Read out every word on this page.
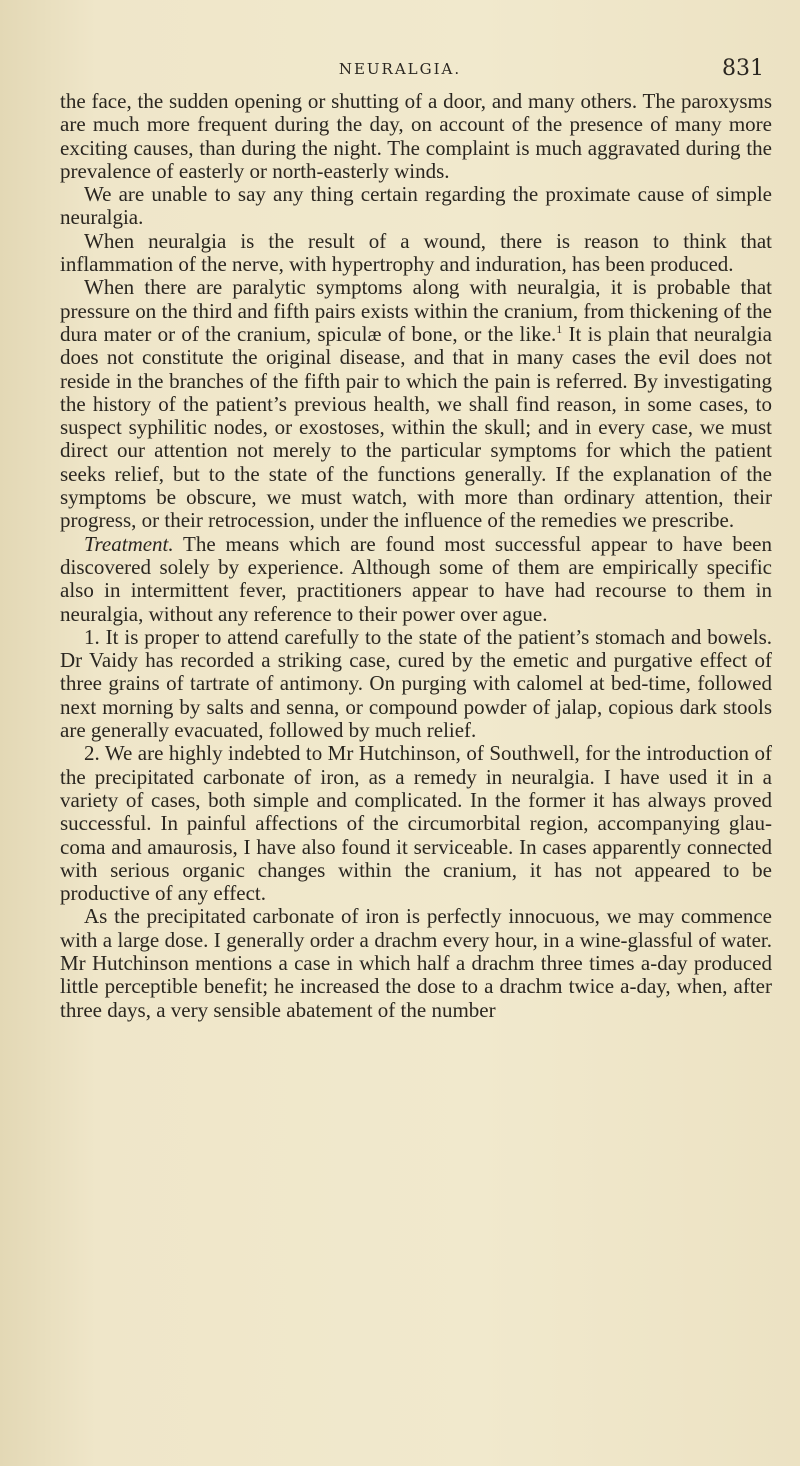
NEURALGIA.	831

the face, the sudden opening or shutting of a door, and many others. The paroxysms are much more frequent during the day, on account of the presence of many more exciting causes, than during the night. The complaint is much aggravated during the prevalence of easterly or north-easterly winds.

We are unable to say any thing certain regarding the proximate cause of simple neuralgia.

When neuralgia is the result of a wound, there is reason to think that inflammation of the nerve, with hypertrophy and induration, has been produced.

When there are paralytic symptoms along with neuralgia, it is probable that pressure on the third and fifth pairs exists within the cranium, from thickening of the dura mater or of the cranium, spiculæ of bone, or the like.$^1$ It is plain that neuralgia does not constitute the original disease, and that in many cases the evil does not reside in the branches of the fifth pair to which the pain is referred. By investigating the history of the patient’s previous health, we shall find reason, in some cases, to suspect syphilitic nodes, or exostoses, within the skull; and in every case, we must direct our attention not merely to the particular symptoms for which the patient seeks relief, but to the state of the functions generally. If the explanation of the symptoms be obscure, we must watch, with more than ordinary attention, their progress, or their retrocession, under the influence of the remedies we prescribe.

Treatment. The means which are found most successful appear to have been discovered solely by experience. Although some of them are empirically specific also in intermittent fever, practitioners appear to have had recourse to them in neuralgia, without any reference to their power over ague.

1. It is proper to attend carefully to the state of the patient’s stomach and bowels. Dr Vaidy has recorded a striking case, cured by the emetic and purgative effect of three grains of tartrate of antimony. On purging with calomel at bed-time, followed next morning by salts and senna, or compound powder of jalap, copious dark stools are generally evacuated, followed by much relief.

2. We are highly indebted to Mr Hutchinson, of Southwell, for the introduction of the precipitated carbonate of iron, as a remedy in neuralgia. I have used it in a variety of cases, both simple and complicated. In the former it has always proved successful. In painful affections of the circumorbital region, accompanying glaucoma and amaurosis, I have also found it serviceable. In cases apparently connected with serious organic changes within the cranium, it has not appeared to be productive of any effect.

As the precipitated carbonate of iron is perfectly innocuous, we may commence with a large dose. I generally order a drachm every hour, in a wine-glassful of water. Mr Hutchinson mentions a case in which half a drachm three times a-day produced little perceptible benefit; he increased the dose to a drachm twice a-day, when, after three days, a very sensible abatement of the number
